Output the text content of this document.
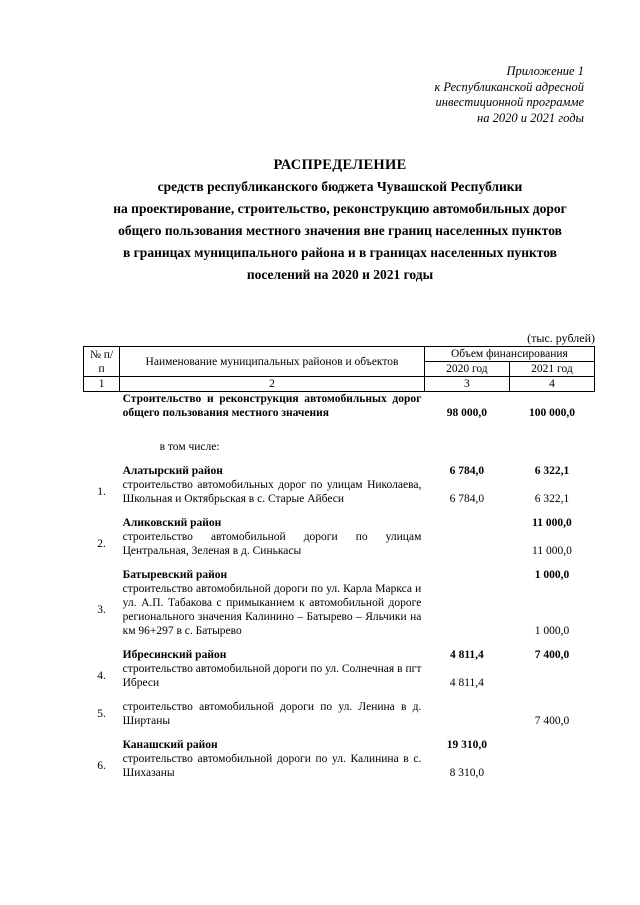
Приложение 1
к Республиканской адресной
инвестиционной программе
на 2020 и 2021 годы
РАСПРЕДЕЛЕНИЕ
средств республиканского бюджета Чувашской Республики
на проектирование, строительство, реконструкцию автомобильных дорог
общего пользования местного значения вне границ населенных пунктов
в границах муниципального района и в границах населенных пунктов
поселений на 2020 и 2021 годы
(тыс. рублей)
№ п/п	Наименование муниципальных районов и объектов	Объем финансирования	
		2020 год	2021 год
1	2	3	4
	Строительство и реконструкция автомобильных дорог общего пользования местного значения	98 000,0	100 000,0
	в том числе:		

	Алатырский район	6 784,0	6 322,1
1.	строительство автомобильных дорог по улицам Николаева, Школьная и Октябрьская в с. Старые Айбеси	6 784,0	6 322,1

	Аликовский район		11 000,0
2.	строительство автомобильной дороги по улицам Центральная, Зеленая в д. Синькасы		11 000,0

	Батыревский район		1 000,0
3.	строительство автомобильной дороги по ул. Карла Маркса и ул. А.П. Табакова с примыканием к автомобильной дороге регионального значения Калинино – Батырево – Яльчики на км 96+297 в с. Батырево		1 000,0

	Ибресинский район	4 811,4	7 400,0
4.	строительство автомобильной дороги по ул. Солнечная в пгт Ибреси	4 811,4	

5.	строительство автомобильной дороги по ул. Ленина в д. Ширтаны		7 400,0

	Канашский район	19 310,0	
6.	строительство автомобильной дороги по ул. Калинина в с. Шихазаны	8 310,0	
